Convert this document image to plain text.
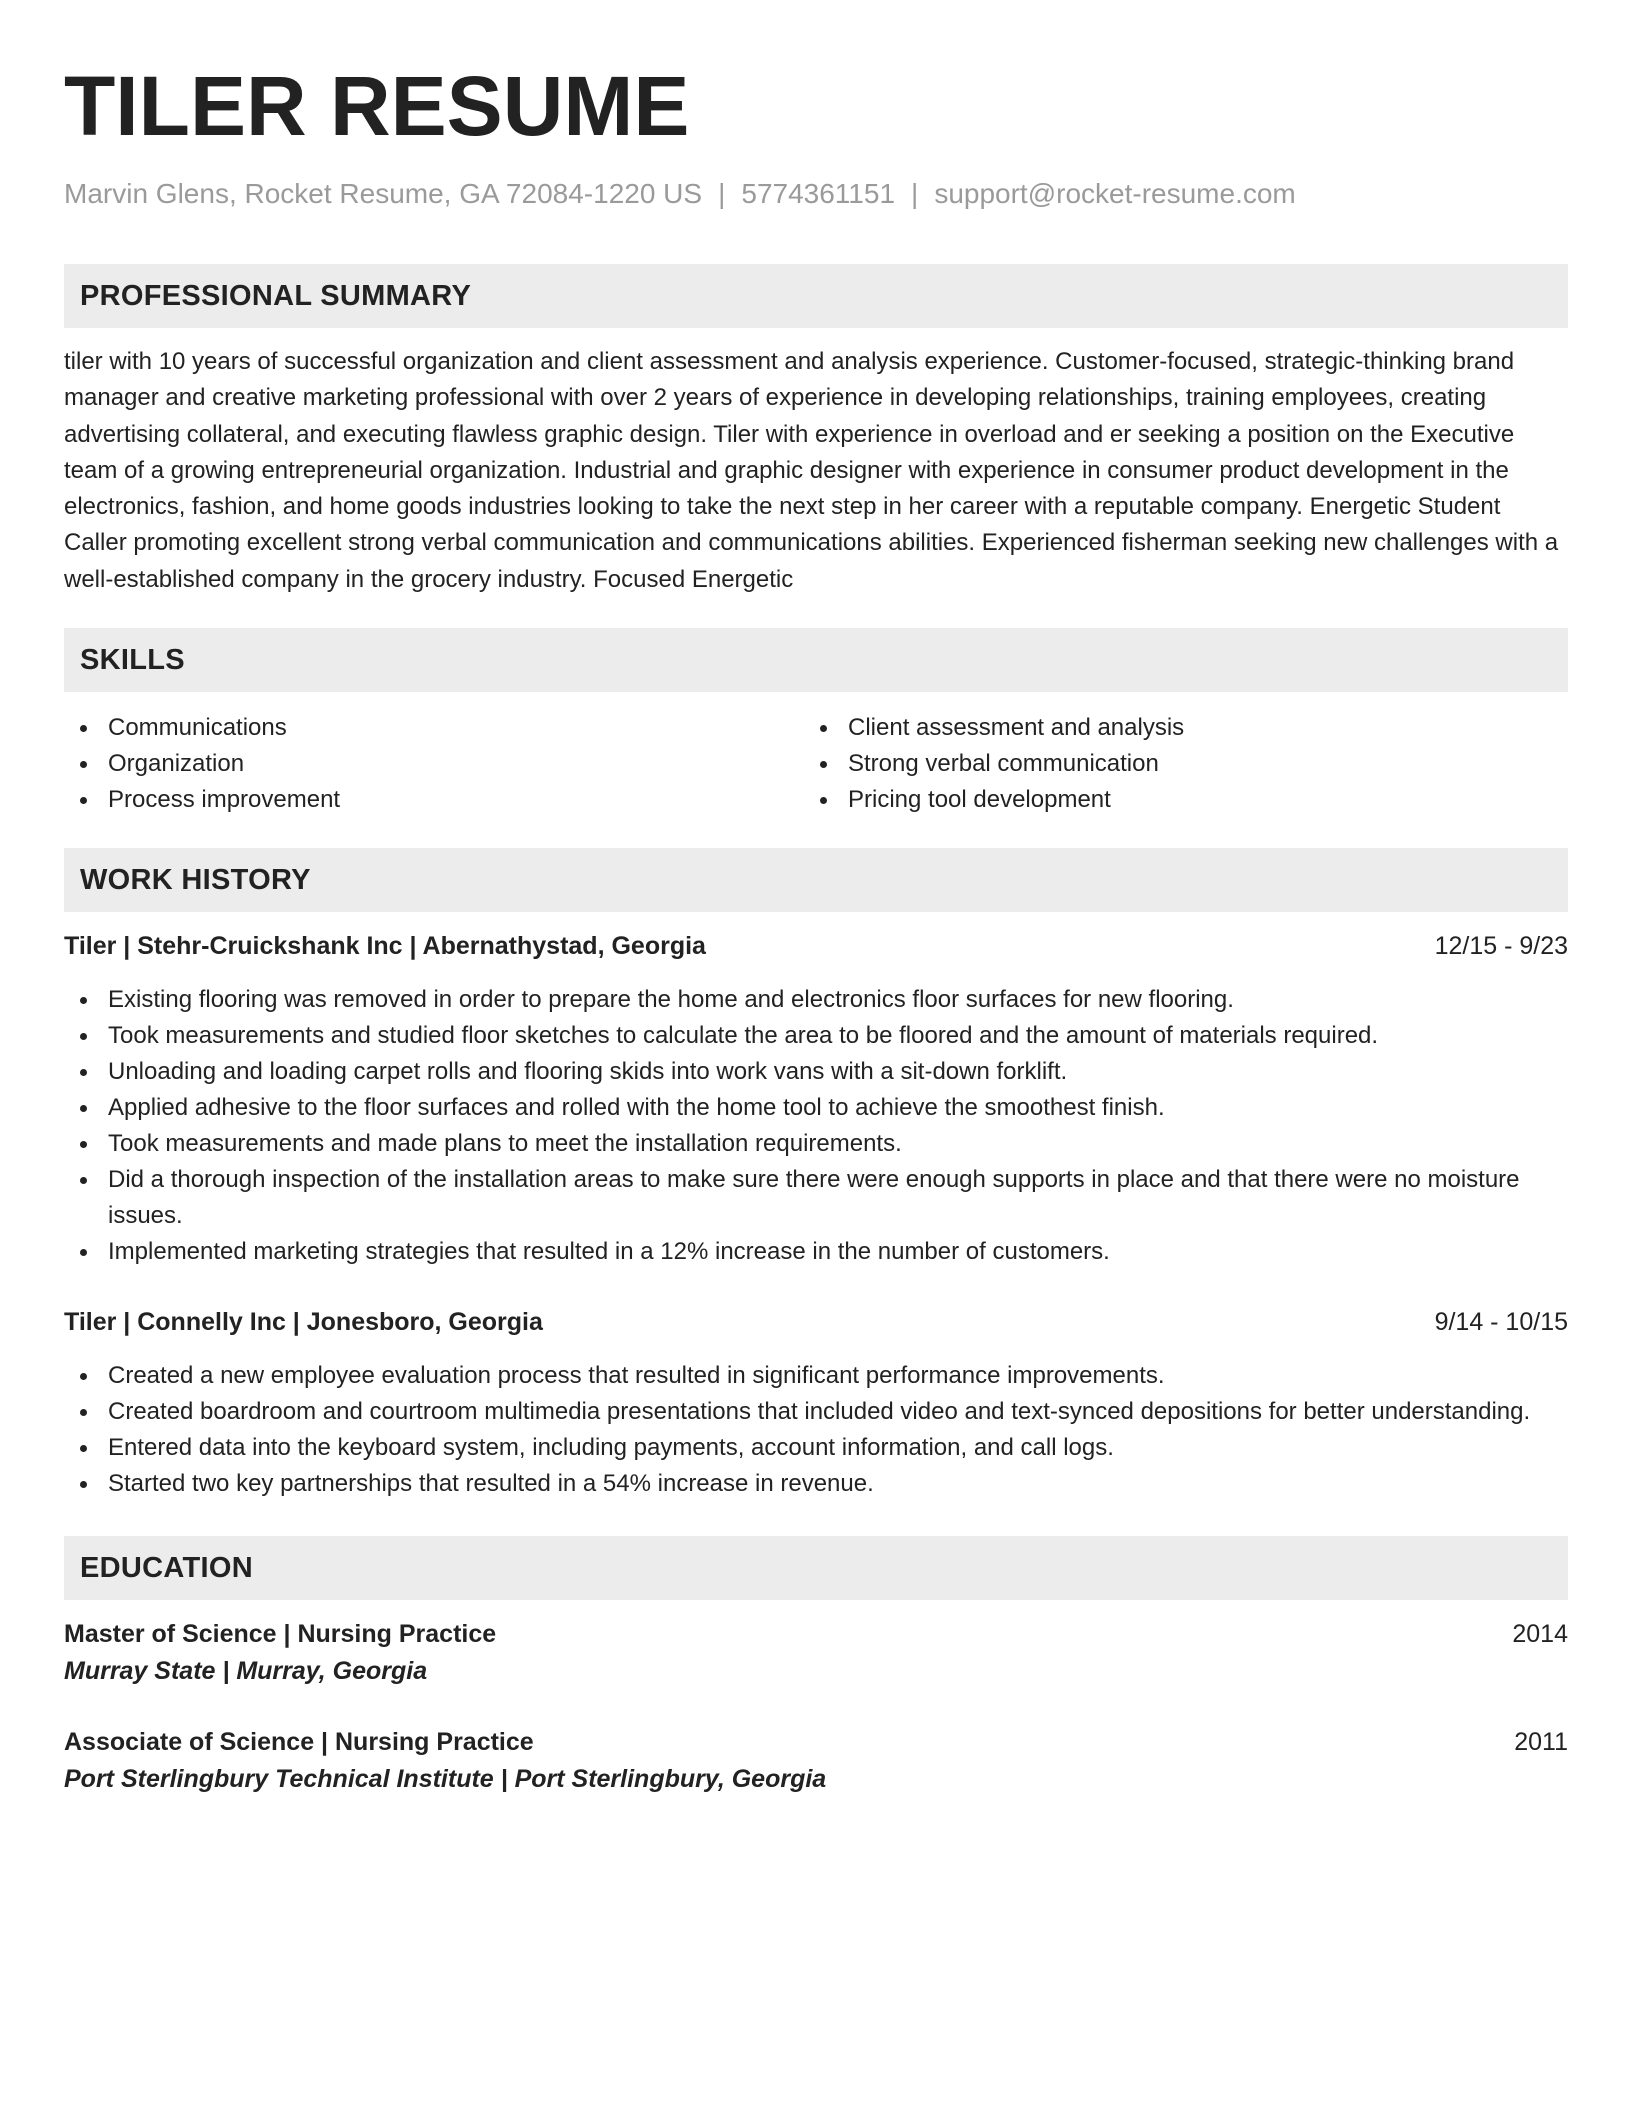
TILER RESUME
Marvin Glens, Rocket Resume, GA 72084-1220 US | 5774361151 | support@rocket-resume.com
PROFESSIONAL SUMMARY
tiler with 10 years of successful organization and client assessment and analysis experience. Customer-focused, strategic-thinking brand manager and creative marketing professional with over 2 years of experience in developing relationships, training employees, creating advertising collateral, and executing flawless graphic design. Tiler with experience in overload and er seeking a position on the Executive team of a growing entrepreneurial organization. Industrial and graphic designer with experience in consumer product development in the electronics, fashion, and home goods industries looking to take the next step in her career with a reputable company. Energetic Student Caller promoting excellent strong verbal communication and communications abilities. Experienced fisherman seeking new challenges with a well-established company in the grocery industry. Focused Energetic
SKILLS
Communications
Organization
Process improvement
Client assessment and analysis
Strong verbal communication
Pricing tool development
WORK HISTORY
Tiler | Stehr-Cruickshank Inc | Abernathystad, Georgia	12/15 - 9/23
Existing flooring was removed in order to prepare the home and electronics floor surfaces for new flooring.
Took measurements and studied floor sketches to calculate the area to be floored and the amount of materials required.
Unloading and loading carpet rolls and flooring skids into work vans with a sit-down forklift.
Applied adhesive to the floor surfaces and rolled with the home tool to achieve the smoothest finish.
Took measurements and made plans to meet the installation requirements.
Did a thorough inspection of the installation areas to make sure there were enough supports in place and that there were no moisture issues.
Implemented marketing strategies that resulted in a 12% increase in the number of customers.
Tiler | Connelly Inc | Jonesboro, Georgia	9/14 - 10/15
Created a new employee evaluation process that resulted in significant performance improvements.
Created boardroom and courtroom multimedia presentations that included video and text-synced depositions for better understanding.
Entered data into the keyboard system, including payments, account information, and call logs.
Started two key partnerships that resulted in a 54% increase in revenue.
EDUCATION
Master of Science | Nursing Practice	2014
Murray State | Murray, Georgia
Associate of Science | Nursing Practice	2011
Port Sterlingbury Technical Institute | Port Sterlingbury, Georgia
